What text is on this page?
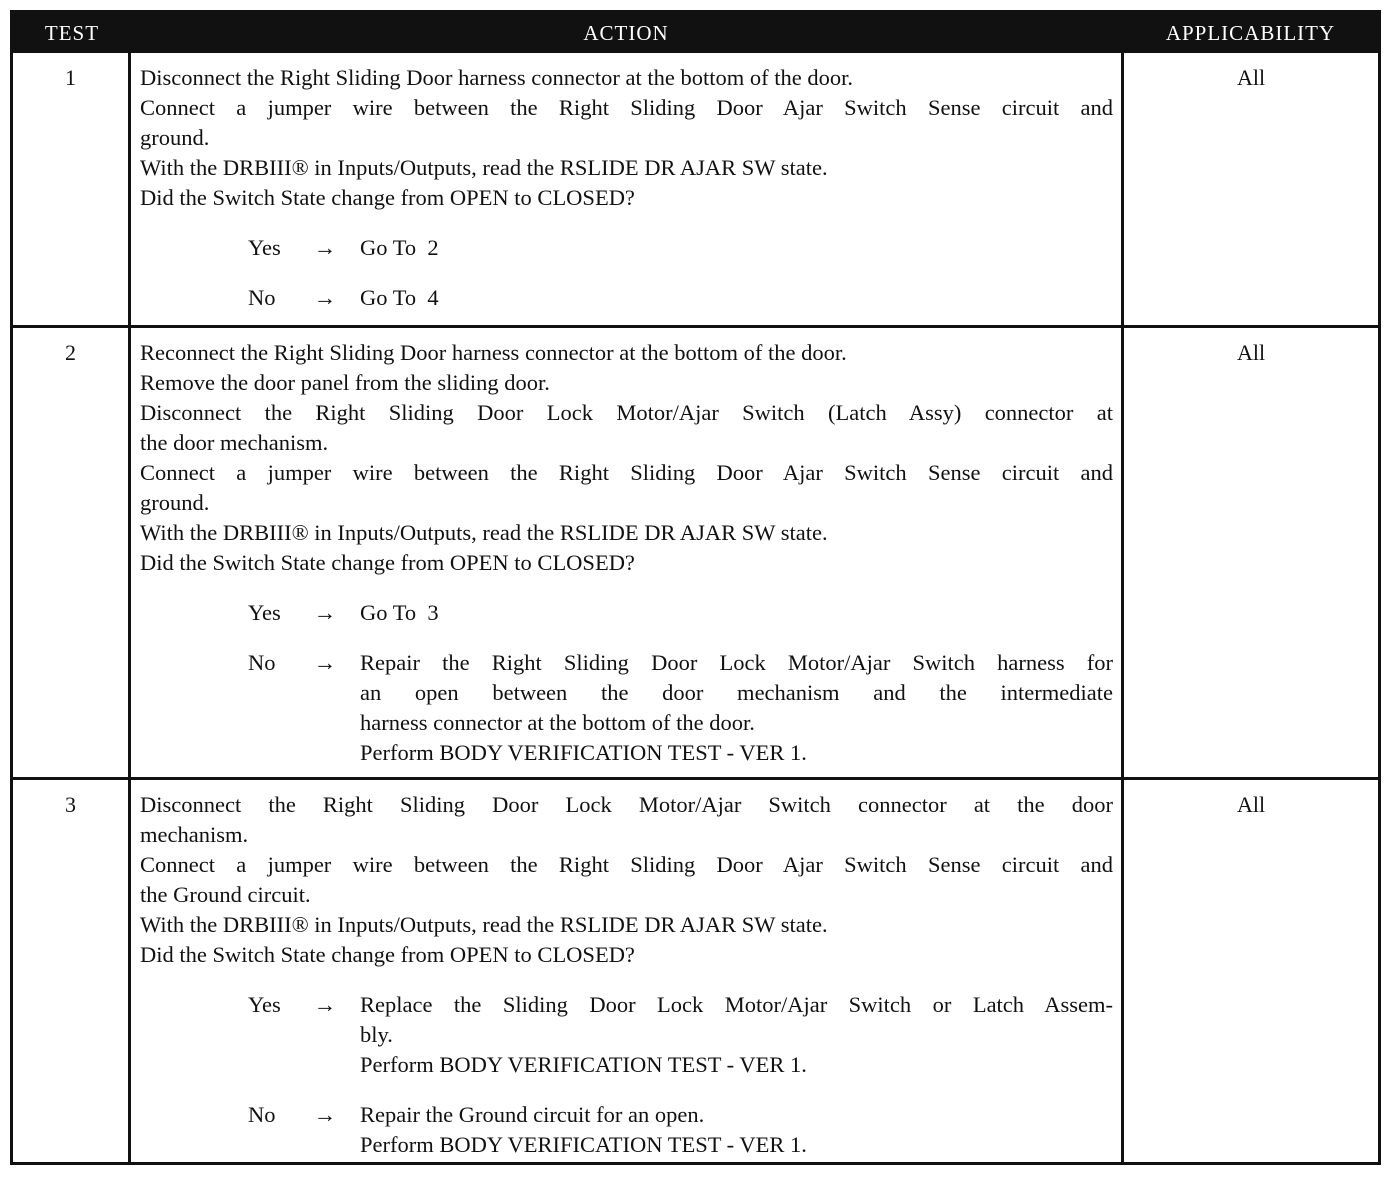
TEST	ACTION	APPLICABILITY
1	Disconnect the Right Sliding Door harness connector at the bottom of the door.
Connect a jumper wire between the Right Sliding Door Ajar Switch Sense circuit and
ground.
With the DRBIII® in Inputs/Outputs, read the RSLIDE DR AJAR SW state.
Did the Switch State change from OPEN to CLOSED?
Yes	→ Go To  2
No	→ Go To  4
All
2	Reconnect the Right Sliding Door harness connector at the bottom of the door.
Remove the door panel from the sliding door.
Disconnect the Right Sliding Door Lock Motor/Ajar Switch (Latch Assy) connector at
the door mechanism.
Connect a jumper wire between the Right Sliding Door Ajar Switch Sense circuit and
ground.
With the DRBIII® in Inputs/Outputs, read the RSLIDE DR AJAR SW state.
Did the Switch State change from OPEN to CLOSED?
Yes	→ Go To  3
No	→ Repair the Right Sliding Door Lock Motor/Ajar Switch harness for
an open between the door mechanism and the intermediate
harness connector at the bottom of the door.
Perform BODY VERIFICATION TEST - VER 1.
All
3	Disconnect the Right Sliding Door Lock Motor/Ajar Switch connector at the door
mechanism.
Connect a jumper wire between the Right Sliding Door Ajar Switch Sense circuit and
the Ground circuit.
With the DRBIII® in Inputs/Outputs, read the RSLIDE DR AJAR SW state.
Did the Switch State change from OPEN to CLOSED?
Yes	→ Replace the Sliding Door Lock Motor/Ajar Switch or Latch Assem-
bly.
Perform BODY VERIFICATION TEST - VER 1.
No	→ Repair the Ground circuit for an open.
Perform BODY VERIFICATION TEST - VER 1.
All
